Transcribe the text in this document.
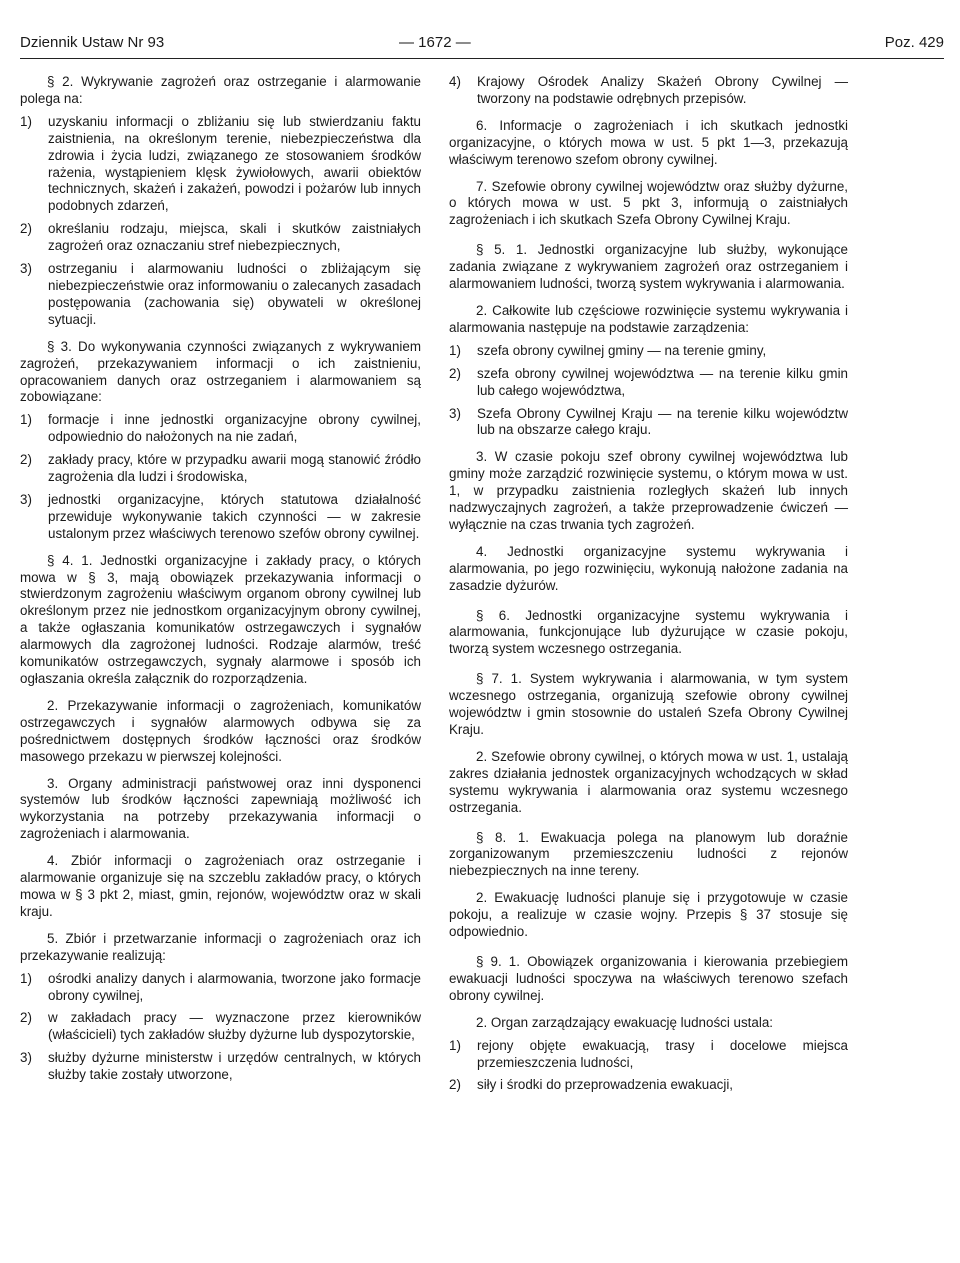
Dziennik Ustaw Nr 93	— 1672 —	Poz. 429

§ 2. Wykrywanie zagrożeń oraz ostrzeganie i alarmowanie polega na:

1) uzyskaniu informacji o zbliżaniu się lub stwierdzaniu faktu zaistnienia, na określonym terenie, niebezpieczeństwa dla zdrowia i życia ludzi, związanego ze stosowaniem środków rażenia, wystąpieniem klęsk żywiołowych, awarii obiektów technicznych, skażeń i zakażeń, powodzi i pożarów lub innych podobnych zdarzeń,
2) określaniu rodzaju, miejsca, skali i skutków zaistniałych zagrożeń oraz oznaczaniu stref niebezpiecznych,
3) ostrzeganiu i alarmowaniu ludności o zbliżającym się niebezpieczeństwie oraz informowaniu o zalecanych zasadach postępowania (zachowania się) obywateli w określonej sytuacji.

§ 3. Do wykonywania czynności związanych z wykrywaniem zagrożeń, przekazywaniem informacji o ich zaistnieniu, opracowaniem danych oraz ostrzeganiem i alarmowaniem są zobowiązane:

1) formacje i inne jednostki organizacyjne obrony cywilnej, odpowiednio do nałożonych na nie zadań,
2) zakłady pracy, które w przypadku awarii mogą stanowić źródło zagrożenia dla ludzi i środowiska,
3) jednostki organizacyjne, których statutowa działalność przewiduje wykonywanie takich czynności — w zakresie ustalonym przez właściwych terenowo szefów obrony cywilnej.

§ 4. 1. Jednostki organizacyjne i zakłady pracy, o których mowa w § 3, mają obowiązek przekazywania informacji o stwierdzonym zagrożeniu właściwym organom obrony cywilnej lub określonym przez nie jednostkom organizacyjnym obrony cywilnej, a także ogłaszania komunikatów ostrzegawczych i sygnałów alarmowych dla zagrożonej ludności. Rodzaje alarmów, treść komunikatów ostrzegawczych, sygnały alarmowe i sposób ich ogłaszania określa załącznik do rozporządzenia.

2. Przekazywanie informacji o zagrożeniach, komunikatów ostrzegawczych i sygnałów alarmowych odbywa się za pośrednictwem dostępnych środków łączności oraz środków masowego przekazu w pierwszej kolejności.

3. Organy administracji państwowej oraz inni dysponenci systemów lub środków łączności zapewniają możliwość ich wykorzystania na potrzeby przekazywania informacji o zagrożeniach i alarmowania.

4. Zbiór informacji o zagrożeniach oraz ostrzeganie i alarmowanie organizuje się na szczeblu zakładów pracy, o których mowa w § 3 pkt 2, miast, gmin, rejonów, województw oraz w skali kraju.

5. Zbiór i przetwarzanie informacji o zagrożeniach oraz ich przekazywanie realizują:

1) ośrodki analizy danych i alarmowania, tworzone jako formacje obrony cywilnej,
2) w zakładach pracy — wyznaczone przez kierowników (właścicieli) tych zakładów służby dyżurne lub dyspozytorskie,
3) służby dyżurne ministerstw i urzędów centralnych, w których służby takie zostały utworzone,
4) Krajowy Ośrodek Analizy Skażeń Obrony Cywilnej — tworzony na podstawie odrębnych przepisów.

6. Informacje o zagrożeniach i ich skutkach jednostki organizacyjne, o których mowa w ust. 5 pkt 1—3, przekazują właściwym terenowo szefom obrony cywilnej.

7. Szefowie obrony cywilnej województw oraz służby dyżurne, o których mowa w ust. 5 pkt 3, informują o zaistniałych zagrożeniach i ich skutkach Szefa Obrony Cywilnej Kraju.

§ 5. 1. Jednostki organizacyjne lub służby, wykonujące zadania związane z wykrywaniem zagrożeń oraz ostrzeganiem i alarmowaniem ludności, tworzą system wykrywania i alarmowania.

2. Całkowite lub częściowe rozwinięcie systemu wykrywania i alarmowania następuje na podstawie zarządzenia:

1) szefa obrony cywilnej gminy — na terenie gminy,
2) szefa obrony cywilnej województwa — na terenie kilku gmin lub całego województwa,
3) Szefa Obrony Cywilnej Kraju — na terenie kilku województw lub na obszarze całego kraju.

3. W czasie pokoju szef obrony cywilnej województwa lub gminy może zarządzić rozwinięcie systemu, o którym mowa w ust. 1, w przypadku zaistnienia rozległych skażeń lub innych nadzwyczajnych zagrożeń, a także przeprowadzenie ćwiczeń — wyłącznie na czas trwania tych zagrożeń.

4. Jednostki organizacyjne systemu wykrywania i alarmowania, po jego rozwinięciu, wykonują nałożone zadania na zasadzie dyżurów.

§ 6. Jednostki organizacyjne systemu wykrywania i alarmowania, funkcjonujące lub dyżurujące w czasie pokoju, tworzą system wczesnego ostrzegania.

§ 7. 1. System wykrywania i alarmowania, w tym system wczesnego ostrzegania, organizują szefowie obrony cywilnej województw i gmin stosownie do ustaleń Szefa Obrony Cywilnej Kraju.

2. Szefowie obrony cywilnej, o których mowa w ust. 1, ustalają zakres działania jednostek organizacyjnych wchodzących w skład systemu wykrywania i alarmowania oraz systemu wczesnego ostrzegania.

§ 8. 1. Ewakuacja polega na planowym lub doraźnie zorganizowanym przemieszczeniu ludności z rejonów niebezpiecznych na inne tereny.

2. Ewakuację ludności planuje się i przygotowuje w czasie pokoju, a realizuje w czasie wojny. Przepis § 37 stosuje się odpowiednio.

§ 9. 1. Obowiązek organizowania i kierowania przebiegiem ewakuacji ludności spoczywa na właściwych terenowo szefach obrony cywilnej.

2. Organ zarządzający ewakuację ludności ustala:

1) rejony objęte ewakuacją, trasy i docelowe miejsca przemieszczenia ludności,
2) siły i środki do przeprowadzenia ewakuacji,
